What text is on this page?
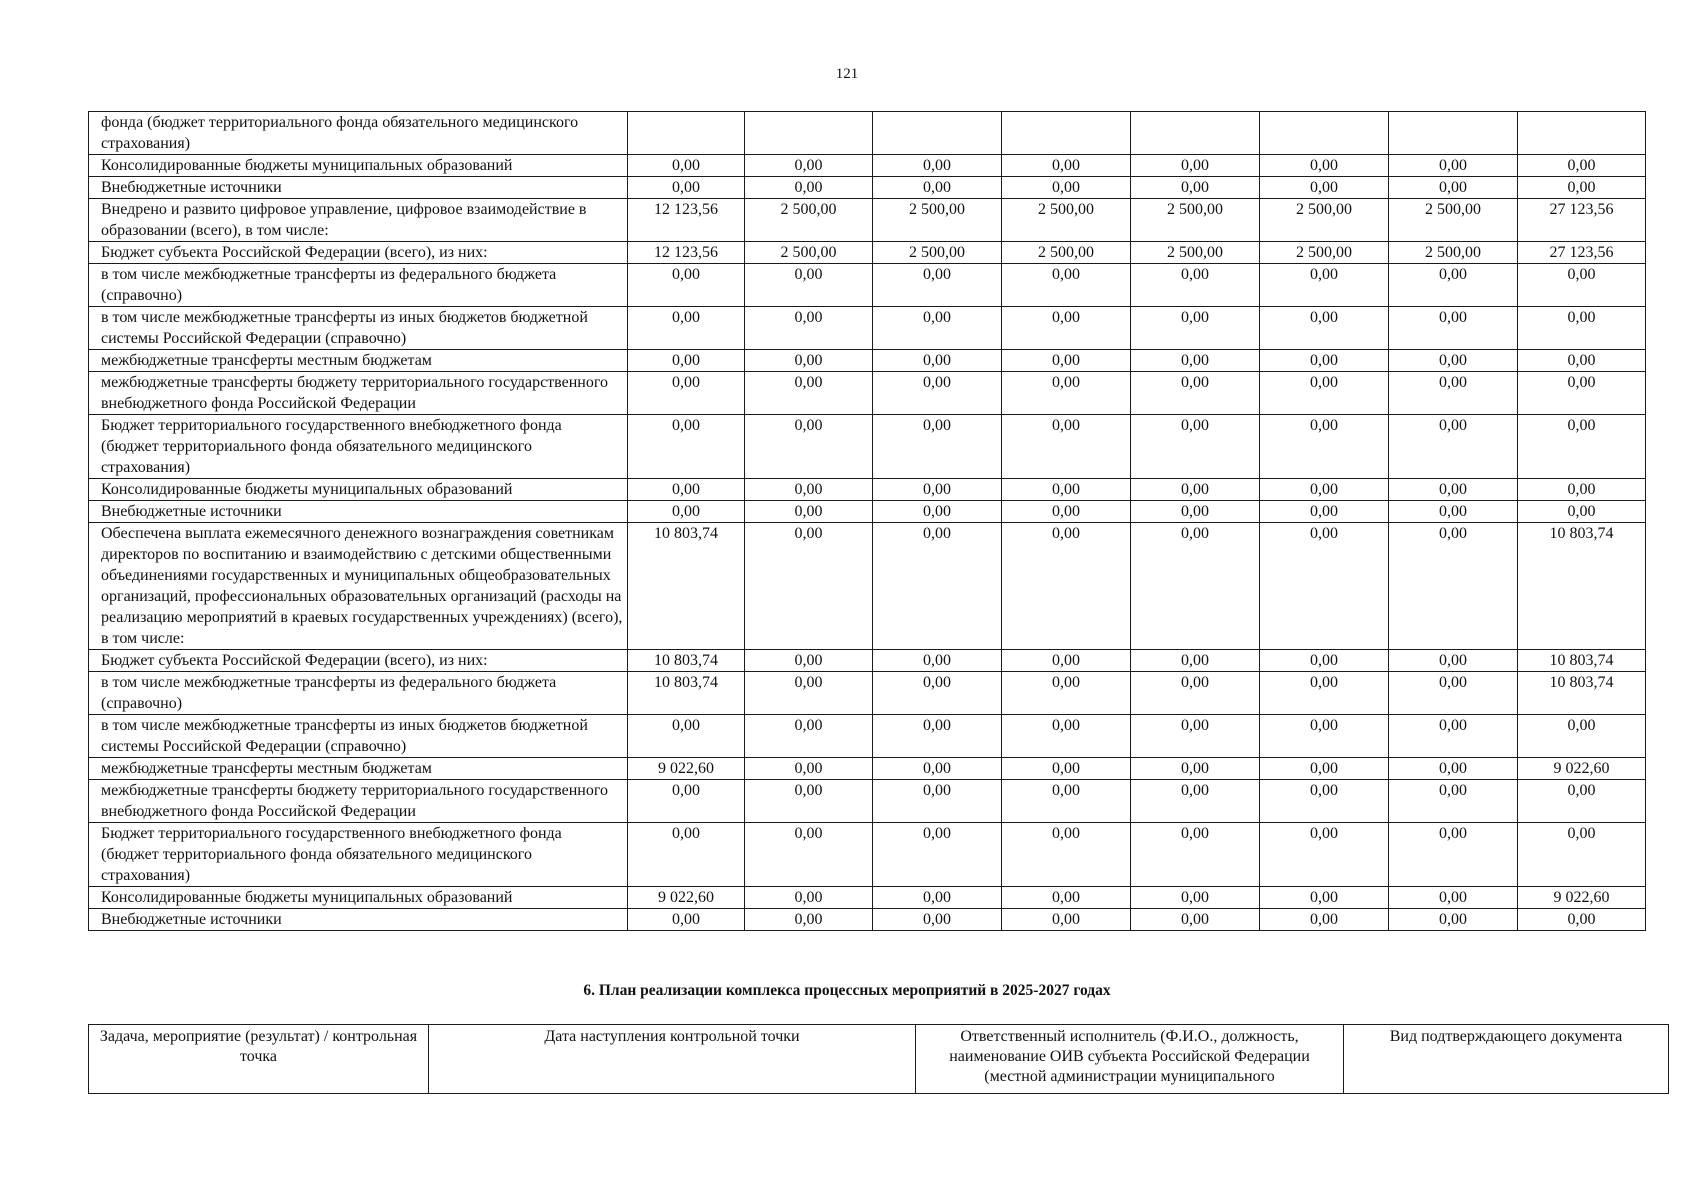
121
фонда (бюджет территориального фонда обязательного медицинского страхования)								
Консолидированные бюджеты муниципальных образований	0,00	0,00	0,00	0,00	0,00	0,00	0,00	0,00
Внебюджетные источники	0,00	0,00	0,00	0,00	0,00	0,00	0,00	0,00
Внедрено и развито цифровое управление, цифровое взаимодействие в образовании (всего), в том числе:	12 123,56	2 500,00	2 500,00	2 500,00	2 500,00	2 500,00	2 500,00	27 123,56
Бюджет субъекта Российской Федерации (всего), из них:	12 123,56	2 500,00	2 500,00	2 500,00	2 500,00	2 500,00	2 500,00	27 123,56
в том числе межбюджетные трансферты из федерального бюджета (справочно)	0,00	0,00	0,00	0,00	0,00	0,00	0,00	0,00
в том числе межбюджетные трансферты из иных бюджетов бюджетной системы Российской Федерации (справочно)	0,00	0,00	0,00	0,00	0,00	0,00	0,00	0,00
межбюджетные трансферты местным бюджетам	0,00	0,00	0,00	0,00	0,00	0,00	0,00	0,00
межбюджетные трансферты бюджету территориального государственного внебюджетного фонда Российской Федерации	0,00	0,00	0,00	0,00	0,00	0,00	0,00	0,00
Бюджет территориального государственного внебюджетного фонда (бюджет территориального фонда обязательного медицинского страхования)	0,00	0,00	0,00	0,00	0,00	0,00	0,00	0,00
Консолидированные бюджеты муниципальных образований	0,00	0,00	0,00	0,00	0,00	0,00	0,00	0,00
Внебюджетные источники	0,00	0,00	0,00	0,00	0,00	0,00	0,00	0,00
Обеспечена выплата ежемесячного денежного вознаграждения советникам директоров по воспитанию и взаимодействию с детскими общественными объединениями государственных и муниципальных общеобразовательных организаций, профессиональных образовательных организаций (расходы на реализацию мероприятий в краевых государственных учреждениях) (всего), в том числе:	10 803,74	0,00	0,00	0,00	0,00	0,00	0,00	10 803,74
Бюджет субъекта Российской Федерации (всего), из них:	10 803,74	0,00	0,00	0,00	0,00	0,00	0,00	10 803,74
в том числе межбюджетные трансферты из федерального бюджета (справочно)	10 803,74	0,00	0,00	0,00	0,00	0,00	0,00	10 803,74
в том числе межбюджетные трансферты из иных бюджетов бюджетной системы Российской Федерации (справочно)	0,00	0,00	0,00	0,00	0,00	0,00	0,00	0,00
межбюджетные трансферты местным бюджетам	9 022,60	0,00	0,00	0,00	0,00	0,00	0,00	9 022,60
межбюджетные трансферты бюджету территориального государственного внебюджетного фонда Российской Федерации	0,00	0,00	0,00	0,00	0,00	0,00	0,00	0,00
Бюджет территориального государственного внебюджетного фонда (бюджет территориального фонда обязательного медицинского страхования)	0,00	0,00	0,00	0,00	0,00	0,00	0,00	0,00
Консолидированные бюджеты муниципальных образований	9 022,60	0,00	0,00	0,00	0,00	0,00	0,00	9 022,60
Внебюджетные источники	0,00	0,00	0,00	0,00	0,00	0,00	0,00	0,00
6. План реализации комплекса процессных мероприятий в 2025-2027 годах
Задача, мероприятие (результат) / контрольная точка	Дата наступления контрольной точки	Ответственный исполнитель (Ф.И.О., должность, наименование ОИВ субъекта Российской Федерации (местной администрации муниципального	Вид подтверждающего документа
